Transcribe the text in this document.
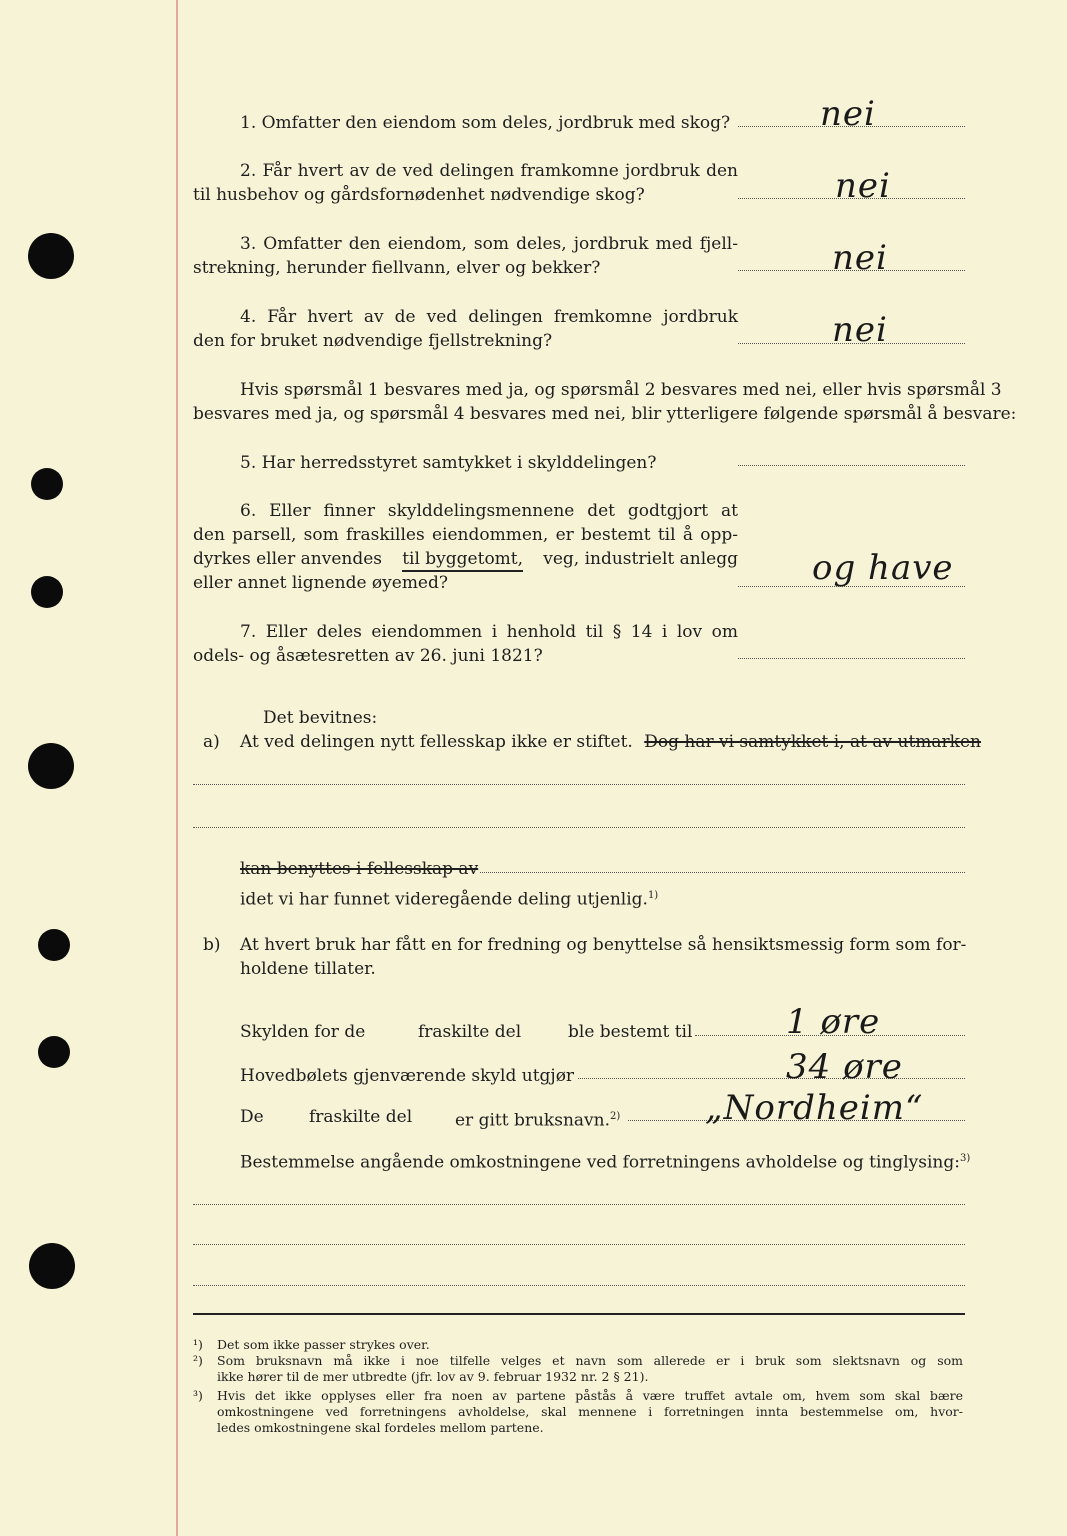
1. Omfatter den eiendom som deles, jordbruk med skog?	nei
2. Får hvert av de ved delingen framkomne jordbruk den
til husbehov og gårdsfornødenhet nødvendige skog?	nei
3. Omfatter den eiendom, som deles, jordbruk med fjell-
strekning, herunder fiellvann, elver og bekker?	nei
4. Får hvert av de ved delingen fremkomne jordbruk
den for bruket nødvendige fjellstrekning?	nei
Hvis spørsmål 1 besvares med ja, og spørsmål 2 besvares med nei, eller hvis spørsmål 3
besvares med ja, og spørsmål 4 besvares med nei, blir ytterligere følgende spørsmål å besvare:
5. Har herredsstyret samtykket i skylddelingen?
6. Eller finner skylddelingsmennene det godtgjort at
den parsell, som fraskilles eiendommen, er bestemt til å opp-
dyrkes eller anvendes til byggetomt, veg, industrielt anlegg
eller annet lignende øyemed?	og have
7. Eller deles eiendommen i henhold til § 14 i lov om
odels- og åsætesretten av 26. juni 1821?
Det bevitnes:
a) At ved delingen nytt fellesskap ikke er stiftet. Dog har vi samtykket i, at av utmarken
kan benyttes i fellesskap av
idet vi har funnet videregående deling utjenlig.$^{1)}$
b) At hvert bruk har fått en for fredning og benyttelse så hensiktsmessig form som for-
holdene tillater.
Skylden for de	fraskilte del	ble bestemt til	1 øre
Hovedbølets gjenværende skyld utgjør	34 øre
De	fraskilte del	er gitt bruksnavn.$^{2)}$ „Nordheim“
Bestemmelse angående omkostningene ved forretningens avholdelse og tinglysing:$^{3)}$
¹) Det som ikke passer strykes over.
²) Som bruksnavn må ikke i noe tilfelle velges et navn som allerede er i bruk som slektsnavn og som
ikke hører til de mer utbredte (jfr. lov av 9. februar 1932 nr. 2 § 21).
³) Hvis det ikke opplyses eller fra noen av partene påstås å være truffet avtale om, hvem som skal bære
omkostningene ved forretningens avholdelse, skal mennene i forretningen innta bestemmelse om, hvor-
ledes omkostningene skal fordeles mellom partene.
